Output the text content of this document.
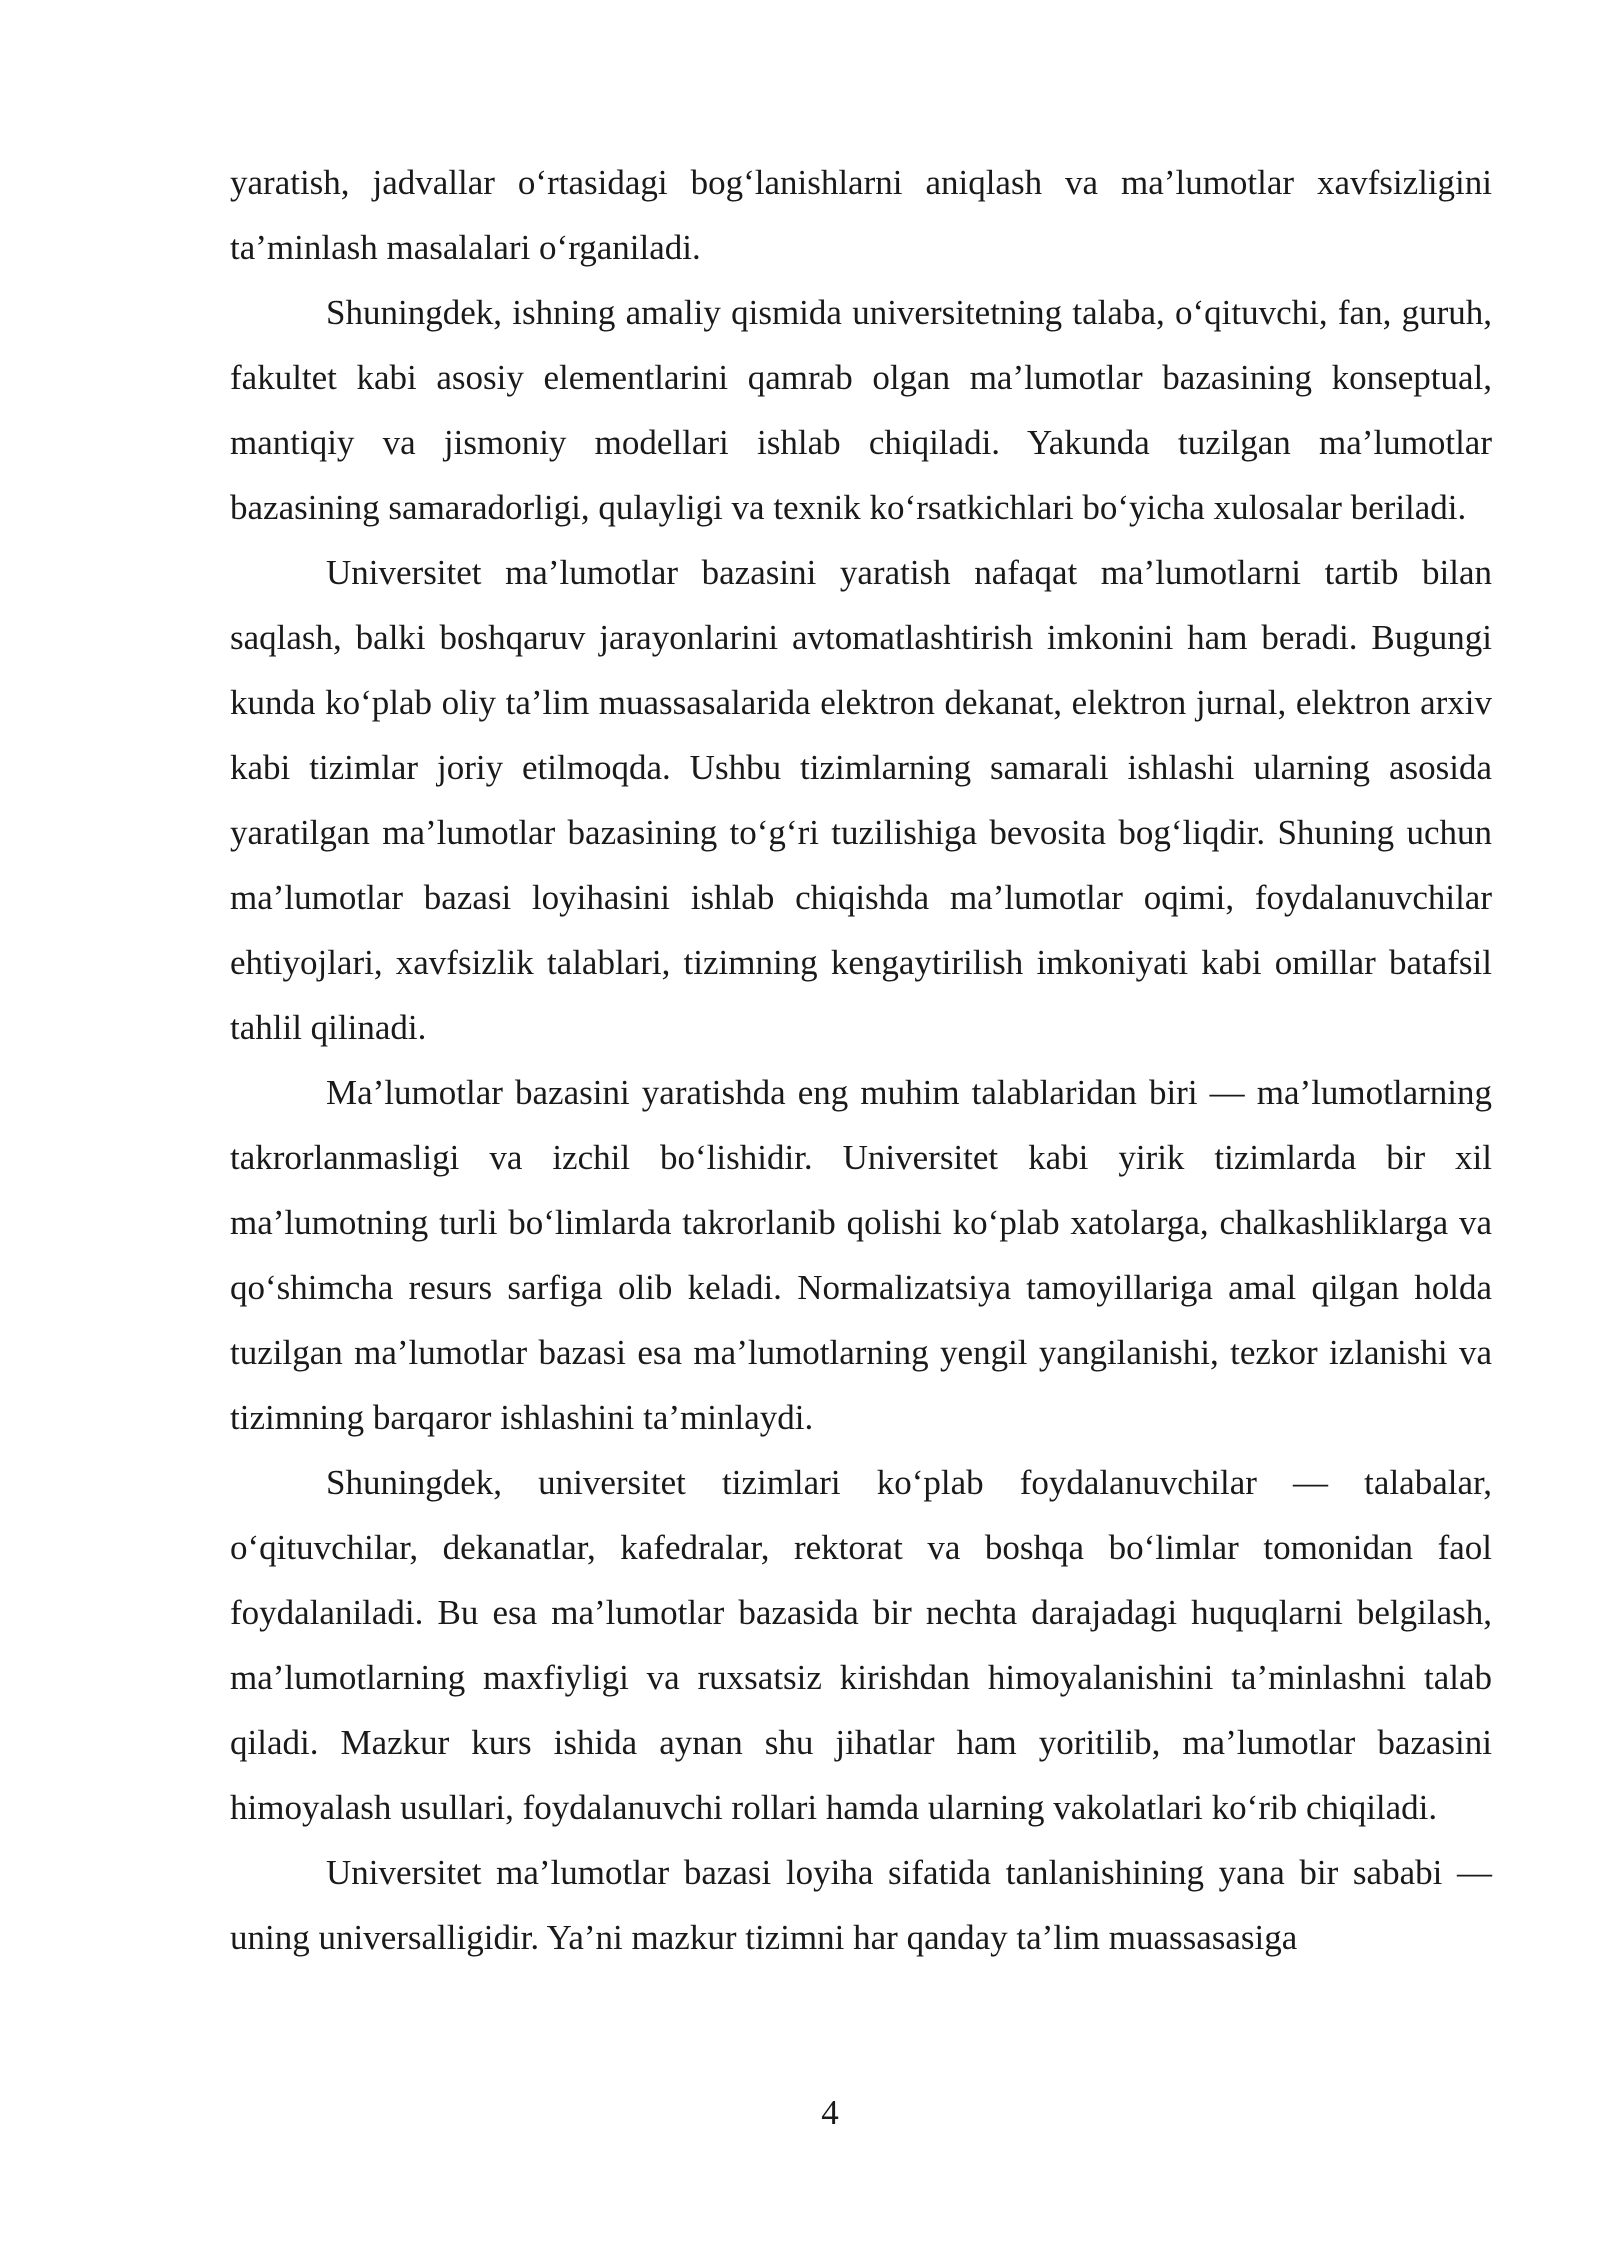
yaratish, jadvallar o‘rtasidagi bog‘lanishlarni aniqlash va ma’lumotlar xavfsizligini ta’minlash masalalari o‘rganiladi.

Shuningdek, ishning amaliy qismida universitetning talaba, o‘qituvchi, fan, guruh, fakultet kabi asosiy elementlarini qamrab olgan ma’lumotlar bazasining konseptual, mantiqiy va jismoniy modellari ishlab chiqiladi. Yakunda tuzilgan ma’lumotlar bazasining samaradorligi, qulayligi va texnik ko‘rsatkichlari bo‘yicha xulosalar beriladi.

Universitet ma’lumotlar bazasini yaratish nafaqat ma’lumotlarni tartib bilan saqlash, balki boshqaruv jarayonlarini avtomatlashtirish imkonini ham beradi. Bugungi kunda ko‘plab oliy ta’lim muassasalarida elektron dekanat, elektron jurnal, elektron arxiv kabi tizimlar joriy etilmoqda. Ushbu tizimlarning samarali ishlashi ularning asosida yaratilgan ma’lumotlar bazasining to‘g‘ri tuzilishiga bevosita bog‘liqdir. Shuning uchun ma’lumotlar bazasi loyihasini ishlab chiqishda ma’lumotlar oqimi, foydalanuvchilar ehtiyojlari, xavfsizlik talablari, tizimning kengaytirilish imkoniyati kabi omillar batafsil tahlil qilinadi.

Ma’lumotlar bazasini yaratishda eng muhim talablaridan biri — ma’lumotlarning takrorlanmasligi va izchil bo‘lishidir. Universitet kabi yirik tizimlarda bir xil ma’lumotning turli bo‘limlarda takrorlanib qolishi ko‘plab xatolarga, chalkashliklarga va qo‘shimcha resurs sarfiga olib keladi. Normalizatsiya tamoyillariga amal qilgan holda tuzilgan ma’lumotlar bazasi esa ma’lumotlarning yengil yangilanishi, tezkor izlanishi va tizimning barqaror ishlashini ta’minlaydi.

Shuningdek, universitet tizimlari ko‘plab foydalanuvchilar — talabalar, o‘qituvchilar, dekanatlar, kafedralar, rektorat va boshqa bo‘limlar tomonidan faol foydalaniladi. Bu esa ma’lumotlar bazasida bir nechta darajadagi huquqlarni belgilash, ma’lumotlarning maxfiyligi va ruxsatsiz kirishdan himoyalanishini ta’minlashni talab qiladi. Mazkur kurs ishida aynan shu jihatlar ham yoritilib, ma’lumotlar bazasini himoyalash usullari, foydalanuvchi rollari hamda ularning vakolatlari ko‘rib chiqiladi.

Universitet ma’lumotlar bazasi loyiha sifatida tanlanishining yana bir sababi — uning universalligidir. Ya’ni mazkur tizimni har qanday ta’lim muassasasiga

4
